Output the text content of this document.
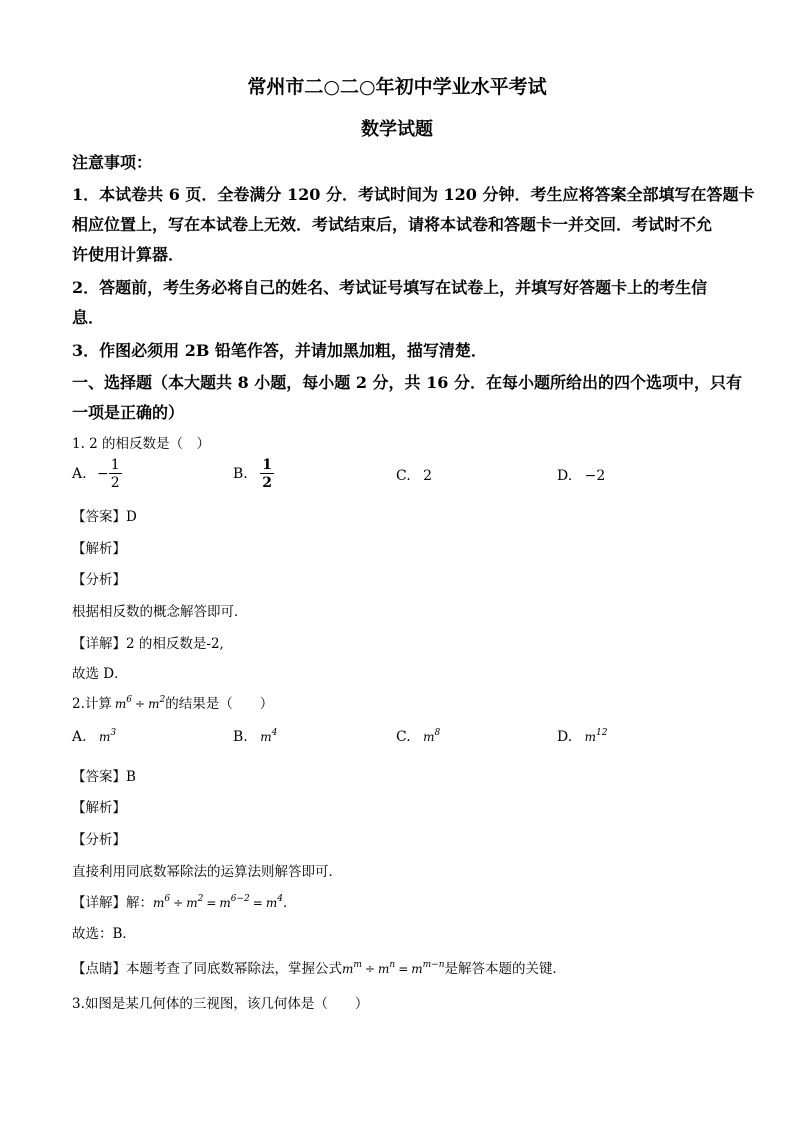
常州市二○二○年初中学业水平考试
数学试题
注意事项：
1．本试卷共 6 页．全卷满分 120 分．考试时间为 120 分钟．考生应将答案全部填写在答题卡
相应位置上，写在本试卷上无效．考试结束后，请将本试卷和答题卡一并交回．考试时不允
许使用计算器．
2．答题前，考生务必将自己的姓名、考试证号填写在试卷上，并填写好答题卡上的考生信
息．
3．作图必须用 2B 铅笔作答，并请加黑加粗，描写清楚．
一、选择题（本大题共 8 小题，每小题 2 分，共 16 分．在每小题所给出的四个选项中，只有
一项是正确的）
1. 2 的相反数是（　）
A. − $\frac{1}{2}$	B. $\frac{1}{2}$	C. 2	D. −2
【答案】D
【解析】
【分析】
根据相反数的概念解答即可．
【详解】2 的相反数是-2,
故选 D．
2.计算 $m^6 \div m^2$的结果是（　　）
A. $m^3$	B. $m^4$	C. $m^8$	D. $m^{12}$
【答案】B
【解析】
【分析】
直接利用同底数幂除法的运算法则解答即可．
【详解】解：$m^6 \div m^2 = m^{6-2} = m^4$．
故选：B．
【点睛】本题考查了同底数幂除法，掌握公式$m^m \div m^n = m^{m-n}$是解答本题的关键．
3.如图是某几何体的三视图，该几何体是（　　）
